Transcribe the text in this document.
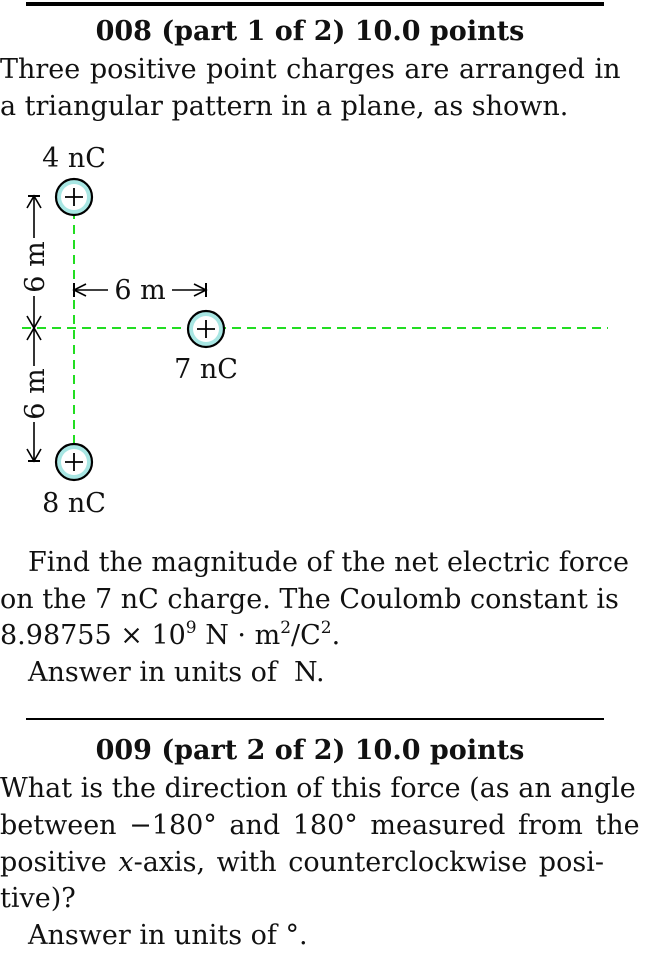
008 (part 1 of 2) 10.0 points
Three positive point charges are arranged in
a triangular pattern in a plane, as shown.
6 m
6 m
6 m
4 nC
7 nC
8 nC
Find the magnitude of the net electric force
on the 7 nC charge. The Coulomb constant is
$8.98755 \times 10^9$ $N \cdot m^2/C^2$.
Answer in units of  N.
009 (part 2 of 2) 10.0 points
What is the direction of this force (as an angle
between −180° and 180° measured from the
positive x-axis, with counterclockwise posi-
tive)?
Answer in units of °.
